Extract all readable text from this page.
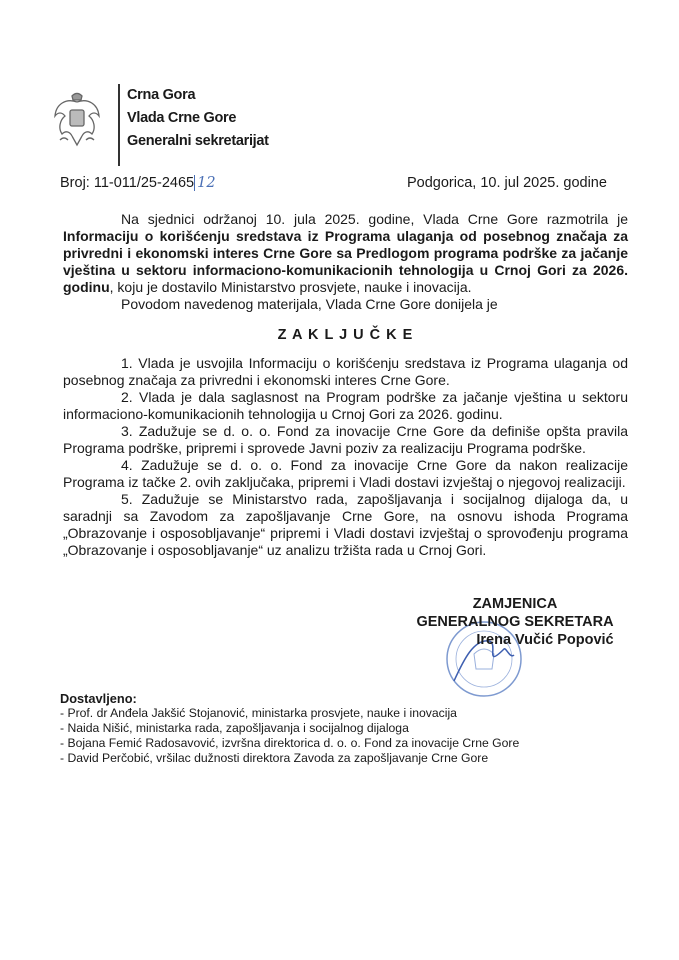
Crna Gora
Vlada Crne Gore
Generalni sekretarijat
Broj: 11-011/25-2465 12	Podgorica, 10. jul 2025. godine

Na sjednici održanoj 10. jula 2025. godine, Vlada Crne Gore razmotrila je Informaciju o korišćenju sredstava iz Programa ulaganja od posebnog značaja za privredni i ekonomski interes Crne Gore sa Predlogom programa podrške za jačanje vještina u sektoru informaciono-komunikacionih tehnologija u Crnoj Gori za 2026. godinu, koju je dostavilo Ministarstvo prosvjete, nauke i inovacija.

Povodom navedenog materijala, Vlada Crne Gore donijela je

Z A K L J U Č K E

1. Vlada je usvojila Informaciju o korišćenju sredstava iz Programa ulaganja od posebnog značaja za privredni i ekonomski interes Crne Gore.

2. Vlada je dala saglasnost na Program podrške za jačanje vještina u sektoru informaciono-komunikacionih tehnologija u Crnoj Gori za 2026. godinu.

3. Zadužuje se d. o. o. Fond za inovacije Crne Gore da definiše opšta pravila Programa podrške, pripremi i sprovede Javni poziv za realizaciju Programa podrške.

4. Zadužuje se d. o. o. Fond za inovacije Crne Gore da nakon realizacije Programa iz tačke 2. ovih zaključaka, pripremi i Vladi dostavi izvještaj o njegovoj realizaciji.

5. Zadužuje se Ministarstvo rada, zapošljavanja i socijalnog dijaloga da, u saradnji sa Zavodom za zapošljavanje Crne Gore, na osnovu ishoda Programa „Obrazovanje i osposobljavanje“ pripremi i Vladi dostavi izvještaj o sprovođenju programa „Obrazovanje i osposobljavanje“ uz analizu tržišta rada u Crnoj Gori.

ZAMJENICA
GENERALNOG SEKRETARA
Irena Vučić Popović
Dostavljeno:
- Prof. dr Anđela Jakšić Stojanović, ministarka prosvjete, nauke i inovacija
- Naida Nišić, ministarka rada, zapošljavanja i socijalnog dijaloga
- Bojana Femić Radosavović, izvršna direktorica d. o. o. Fond za inovacije Crne Gore
- David Perčobić, vršilac dužnosti direktora Zavoda za zapošljavanje Crne Gore
